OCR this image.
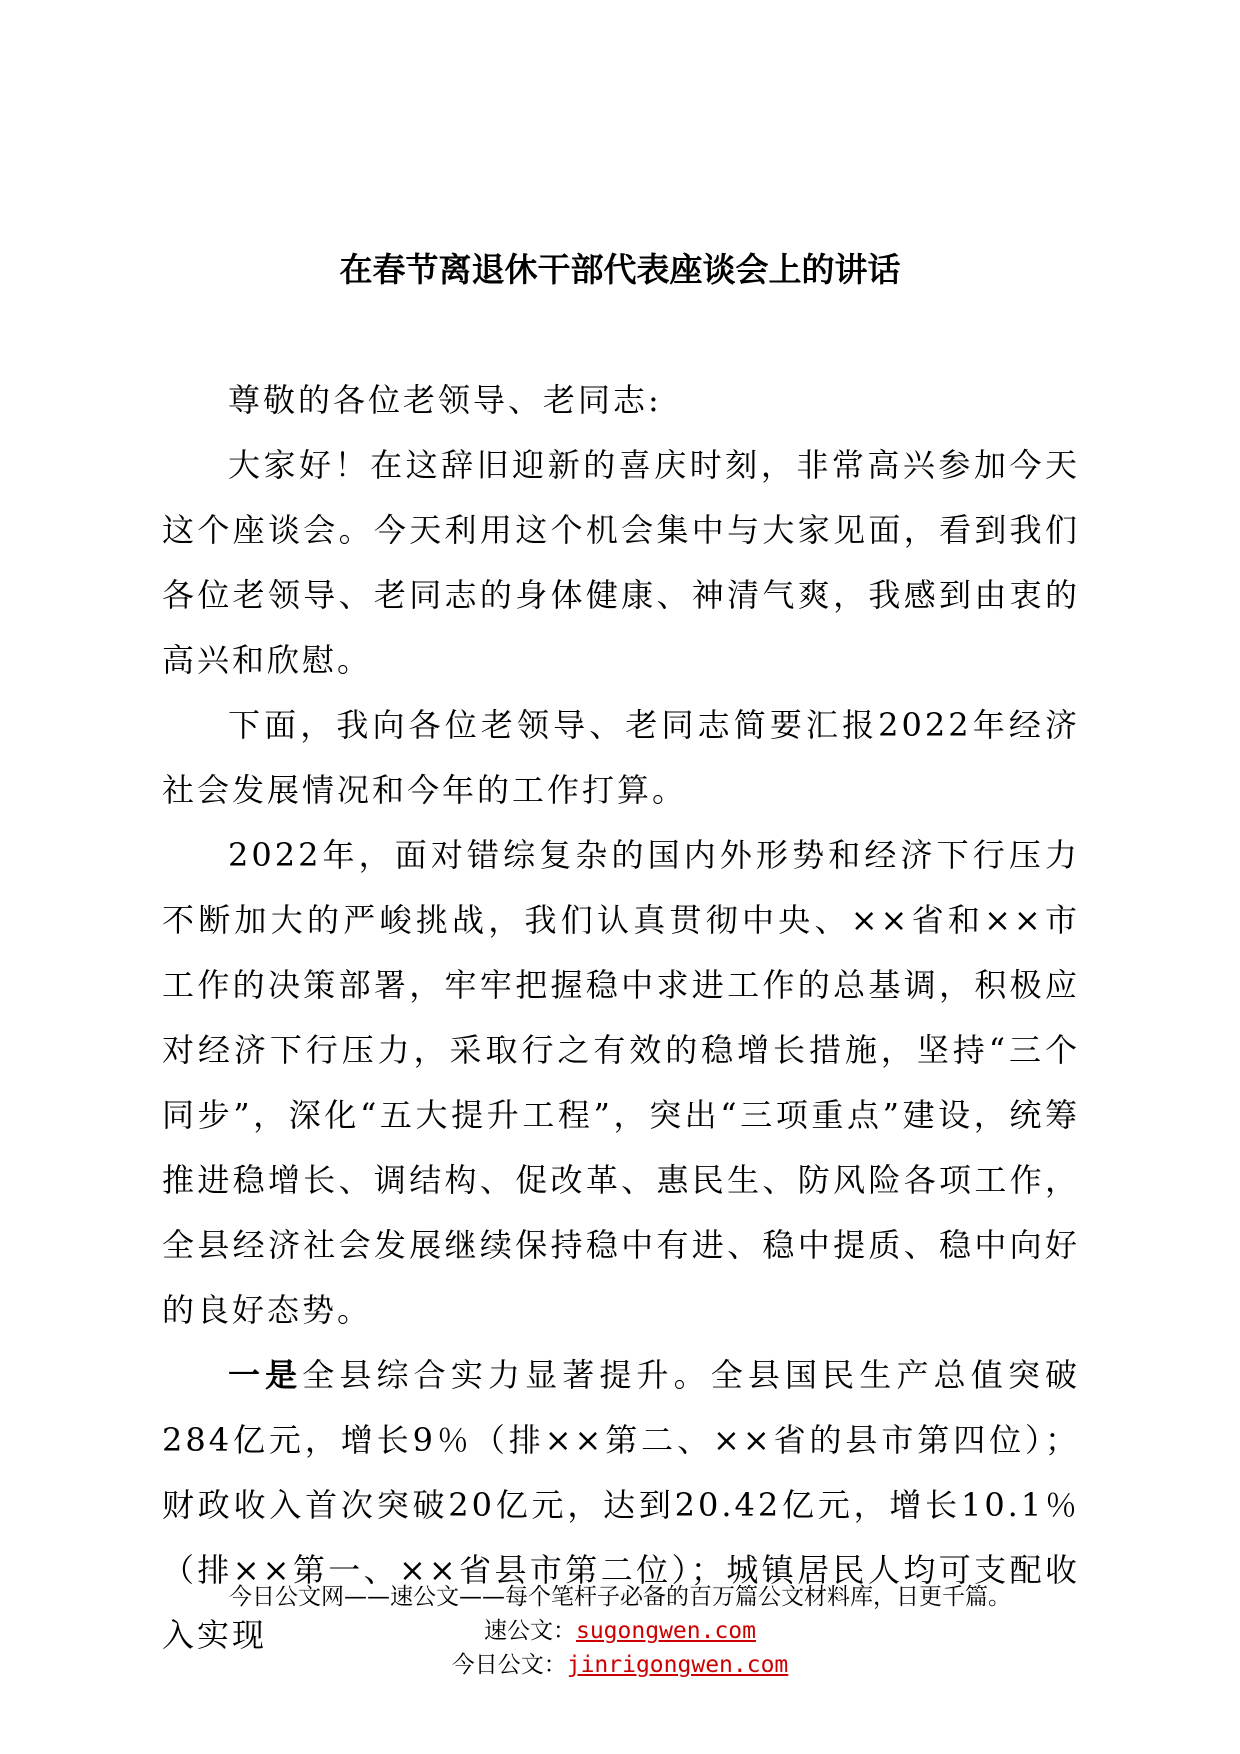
在春节离退休干部代表座谈会上的讲话

尊敬的各位老领导、老同志:

大家好！在这辞旧迎新的喜庆时刻，非常高兴参加今天这个座谈会。今天利用这个机会集中与大家见面，看到我们各位老领导、老同志的身体健康、神清气爽，我感到由衷的高兴和欣慰。

下面，我向各位老领导、老同志简要汇报2022年经济社会发展情况和今年的工作打算。

2022年，面对错综复杂的国内外形势和经济下行压力不断加大的严峻挑战，我们认真贯彻中央、××省和××市工作的决策部署，牢牢把握稳中求进工作的总基调，积极应对经济下行压力，采取行之有效的稳增长措施，坚持“三个同步”，深化“五大提升工程”，突出“三项重点”建设，统筹推进稳增长、调结构、促改革、惠民生、防风险各项工作，全县经济社会发展继续保持稳中有进、稳中提质、稳中向好的良好态势。

一是全县综合实力显著提升。全县国民生产总值突破284亿元，增长9％（排××第二、××省的县市第四位）；财政收入首次突破20亿元，达到20.42亿元，增长10.1％（排××第一、××省县市第二位）；城镇居民人均可支配收入实现

今日公文网——速公文——每个笔杆子必备的百万篇公文材料库，日更千篇。
速公文：sugongwen.com
今日公文：jinrigongwen.com
